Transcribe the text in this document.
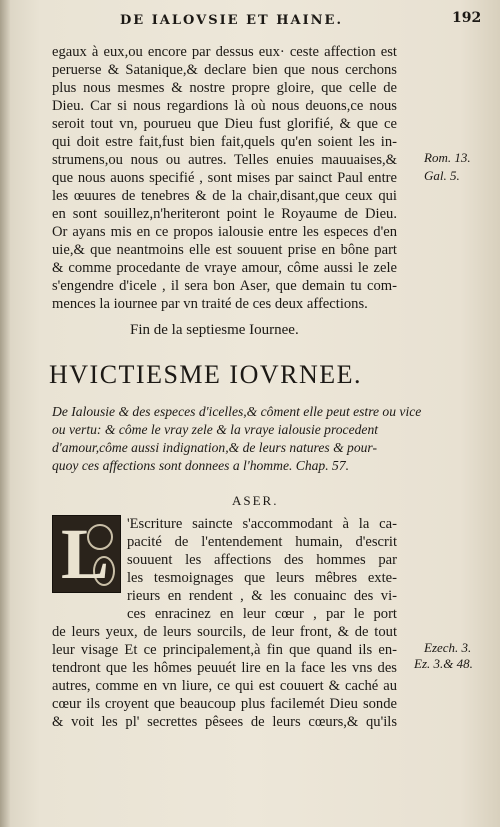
DE IALOVSIE ET HAINE.	192
egaux à eux,ou encore par dessus eux· ceste affection est
peruerse & Satanique,& declare bien que nous cerchons
plus nous mesmes & nostre propre gloire, que celle de
Dieu. Car si nous regardions là où nous deuons,ce nous
seroit tout vn, pourueu que Dieu fust glorifié, & que ce
qui doit estre fait,fust bien fait,quels qu'en soient les in-
strumens,ou nous ou autres. Telles enuies mauuaises,&
que nous auons specifié , sont mises par sainct Paul entre
les œuures de tenebres & de la chair,disant,que ceux qui
en sont souillez,n'heriteront point le Royaume de Dieu.
Or ayans mis en ce propos ialousie entre les especes d'en
uie,& que neantmoins elle est souuent prise en bône part
& comme procedante de vraye amour, côme aussi le zele
s'engendre d'icele , il sera bon Aser, que demain tu com-
mences la iournee par vn traité de ces deux affections.
Rom. 13.
Gal. 5.
Fin de la septiesme Iournee.
HVICTIESME IOVRNEE.
De Ialousie & des especes d'icelles,& côment elle peut estre ou vice
ou vertu: & côme le vray zele & la vraye ialousie procedent
d'amour,côme aussi indignation,& de leurs natures & pour-
quoy ces affections sont donnees a l'homme. Chap. 57.
ASER.
L 'Escriture saincte s'accommodant à la ca-
pacité de l'entendement humain, d'escrit
souuent les affections des hommes par
les tesmoignages que leurs mêbres exte-
rieurs en rendent , & les conuainc des vi-
ces enracinez en leur cœur , par le port
de leurs yeux, de leurs sourcils, de leur front, & de tout
leur visage Et ce principalement,à fin que quand ils en-
tendront que les hômes peuuét lire en la face les vns des
autres, comme en vn liure, ce qui est couuert & caché au
cœur ils croyent que beaucoup plus facilemét Dieu sonde
& voit les pl' secrettes pêsees de leurs cœurs,& qu'ils
Ezech. 3.
Ez. 3.& 48.
